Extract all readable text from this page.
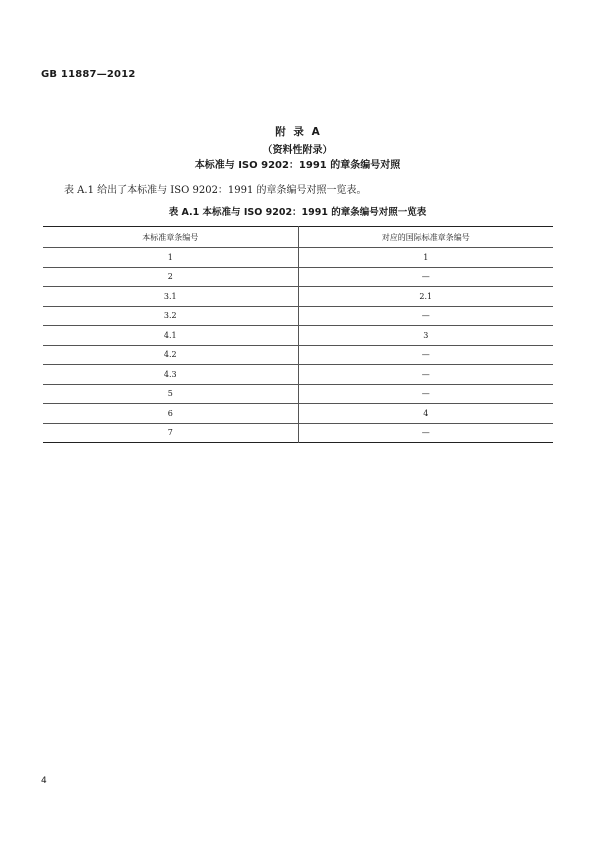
GB 11887—2012
附 录 A
（资料性附录）
本标准与 ISO 9202：1991 的章条编号对照
表 A.1 给出了本标准与 ISO 9202：1991 的章条编号对照一览表。
表 A.1 本标准与 ISO 9202：1991 的章条编号对照一览表
本标准章条编号	对应的国际标准章条编号
1	1
2	—
3.1	2.1
3.2	—
4.1	3
4.2	—
4.3	—
5	—
6	4
7	—
4
